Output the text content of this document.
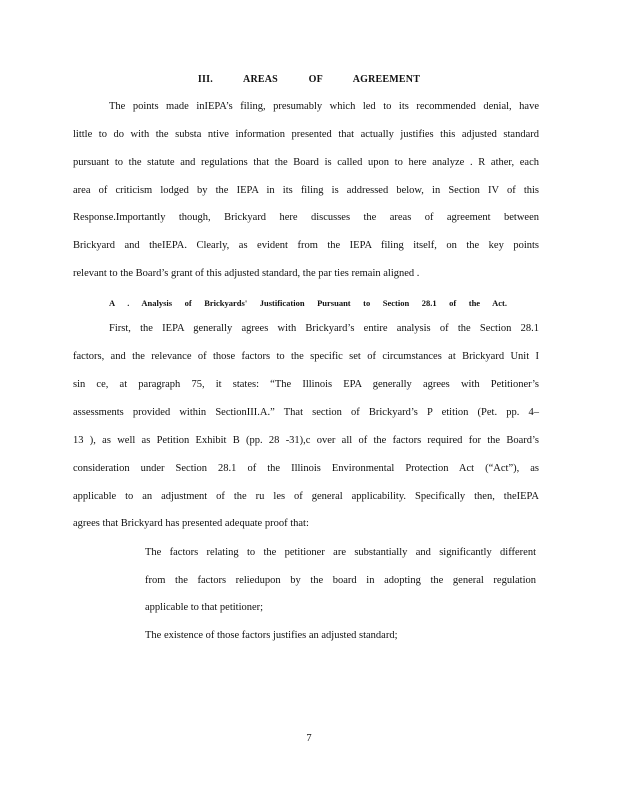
III. AREAS OF AGREEMENT
The points made inIEPA’s filing, presumably which led to its recommended denial, have
little to do with the substa ntive information presented that actually justifies this adjusted standard
pursuant to the statute and regulations that the Board is called upon to here analyze . R ather, each
area of criticism lodged by the IEPA in its filing is addressed below, in Section IV of this
Response.Importantly though, Brickyard here discusses the areas of agreement between
Brickyard and theIEPA. Clearly, as evident from the IEPA filing itself, on the key points
relevant to the Board’s grant of this adjusted standard, the par ties remain aligned .
A . Analysis of Brickyards' Justification Pursuant to Section 28.1 of the Act.
First, the IEPA generally agrees with Brickyard’s entire analysis of the Section 28.1
factors, and the relevance of those factors to the specific set of circumstances at Brickyard Unit I
sin ce, at paragraph 75, it states: “The Illinois EPA generally agrees with Petitioner’s
assessments provided within SectionIII.A.” That section of Brickyard’s P etition (Pet. pp. 4–
13 ), as well as Petition Exhibit B (pp. 28 -31),c over all of the factors required for the Board’s
consideration under Section 28.1 of the Illinois Environmental Protection Act (“Act”), as
applicable to an adjustment of the ru les of general applicability. Specifically then, theIEPA
agrees that Brickyard has presented adequate proof that:
The factors relating to the petitioner are substantially and significantly different
from the factors reliedupon by the board in adopting the general regulation
applicable to that petitioner;
The existence of those factors justifies an adjusted standard;
7
